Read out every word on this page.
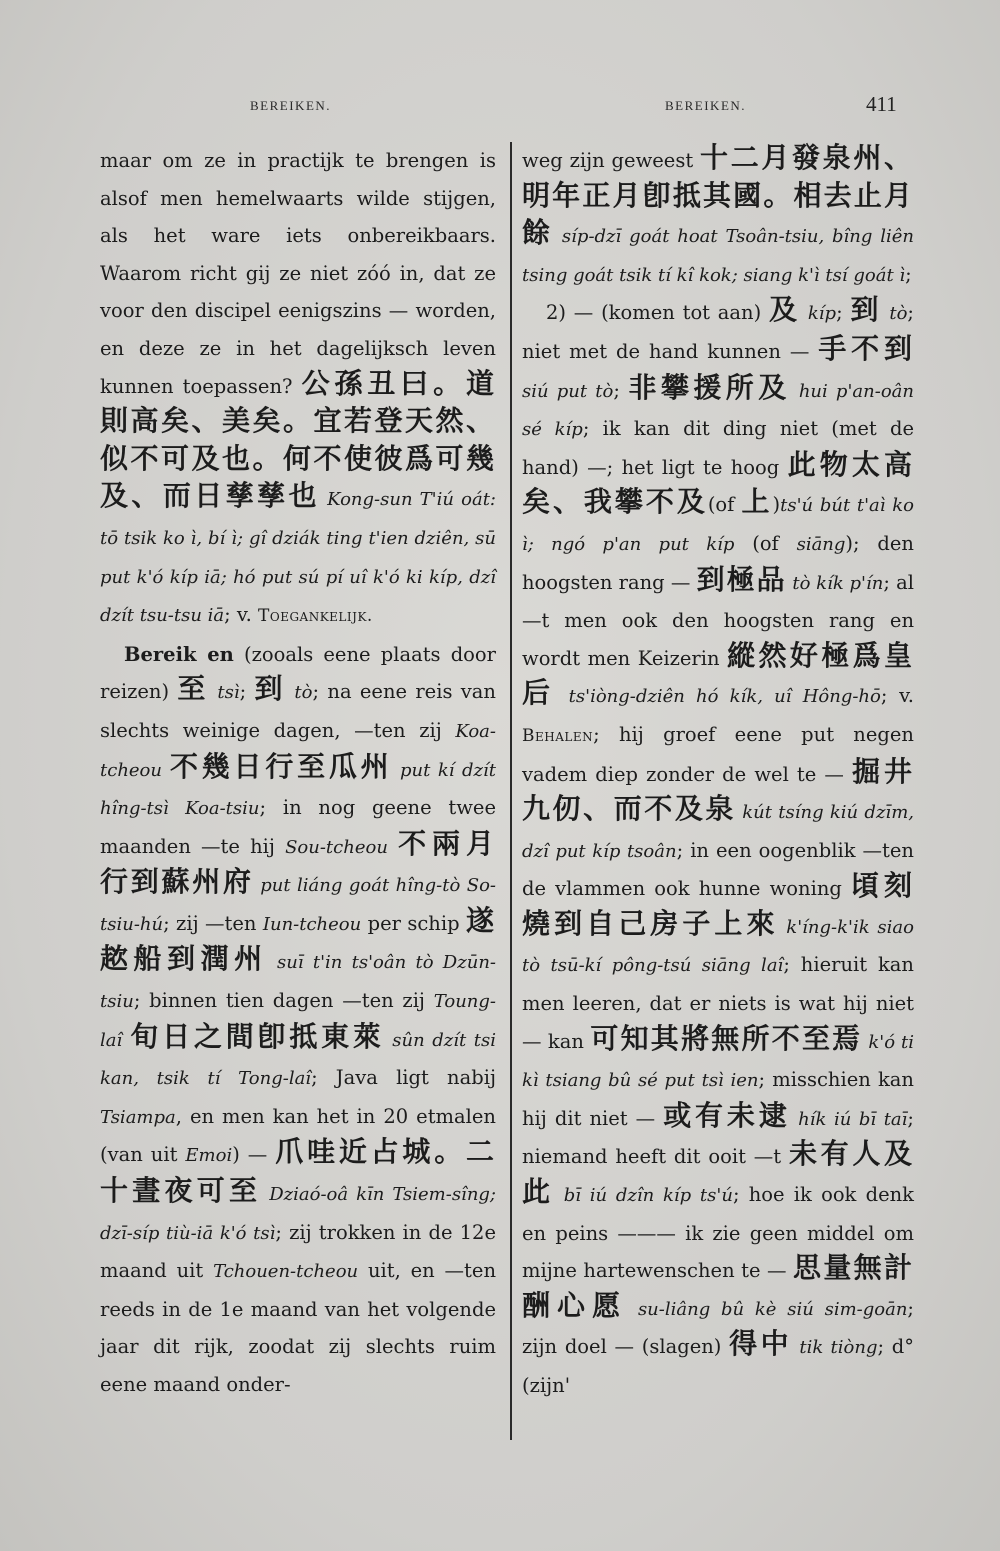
BEREIKEN.	BEREIKEN.	411

maar om ze in practijk te brengen is alsof men hemelwaarts wilde stijgen, als het ware iets onbereikbaars. Waarom richt gij ze niet zóó in, dat ze voor den discipel eenigszins — worden, en deze ze in het dagelijksch leven kunnen toepassen? 公孫丑曰。道則高矣、美矣。宜若登天然、似不可及也。何不使彼爲可幾及、而日孳孳也 Kong-sun T'iú oát: tō tsik ko ì, bí ì; gî dziák ting t'ien dziên, sū put k'ó kíp iā; hó put sú pí uî k'ó ki kíp, dzî dzít tsu-tsu iā; v. Toegankelijk.

Bereik en (zooals eene plaats door reizen) 至 tsì; 到 tò; na eene reis van slechts weinige dagen, —ten zij Koa-tcheou 不幾日行至瓜州 put kí dzít hîng-tsì Koa-tsiu; in nog geene twee maanden —te hij Sou-tcheou 不兩月行到蘇州府 put liáng goát hîng-tò So-tsiu-hú; zij —ten Iun-tcheou per schip 遂趑船到潤州 suī t'in ts'oân tò Dzūn-tsiu; binnen tien dagen —ten zij Toung-laî 旬日之間卽抵東萊 sûn dzít tsi kan, tsik tí Tong-laî; Java ligt nabij Tsiampa, en men kan het in 20 etmalen (van uit Emoi) — 爪哇近占城。二十晝夜可至 Dziaó-oâ kīn Tsiem-sîng; dzī-síp tiù-iā k'ó tsì; zij trokken in de 12e maand uit Tchouen-tcheou uit, en —ten reeds in de 1e maand van het volgende jaar dit rijk, zoodat zij slechts ruim eene maand onder-

weg zijn geweest 十二月發泉州、明年正月卽抵其國。相去止月餘 síp-dzī goát hoat Tsoân-tsiu, bîng liên tsing goát tsik tí kî kok; siang k'ì tsí goát ì;

2) — (komen tot aan) 及 kíp; 到 tò; niet met de hand kunnen — 手不到 siú put tò; 非攀援所及 hui p'an-oân sé kíp; ik kan dit ding niet (met de hand) —; het ligt te hoog 此物太高矣、我攀不及(of 上)ts'ú bút t'aì ko ì; ngó p'an put kíp (of siāng); den hoogsten rang — 到極品 tò kík p'ín; al —t men ook den hoogsten rang en wordt men Keizerin 縱然好極爲皇后 ts'iòng-dziên hó kík, uî Hông-hō; v. Behalen; hij groef eene put negen vadem diep zonder de wel te — 掘井九仞、而不及泉 kút tsíng kiú dzīm, dzî put kíp tsoân; in een oogenblik —ten de vlammen ook hunne woning 頃刻燒到自己房子上來 k'íng-k'ik siao tò tsū-kí pông-tsú siāng laî; hieruit kan men leeren, dat er niets is wat hij niet — kan 可知其將無所不至焉 k'ó ti kì tsiang bû sé put tsì ien; misschien kan hij dit niet — 或有未逮 hík iú bī taī; niemand heeft dit ooit —t 未有人及此 bī iú dzîn kíp ts'ú; hoe ik ook denk en peins ——— ik zie geen middel om mijne hartewenschen te — 思量無計酬心愿 su-liâng bû kè siú sim-goān; zijn doel — (slagen) 得中 tik tiòng; d° (zijn'
